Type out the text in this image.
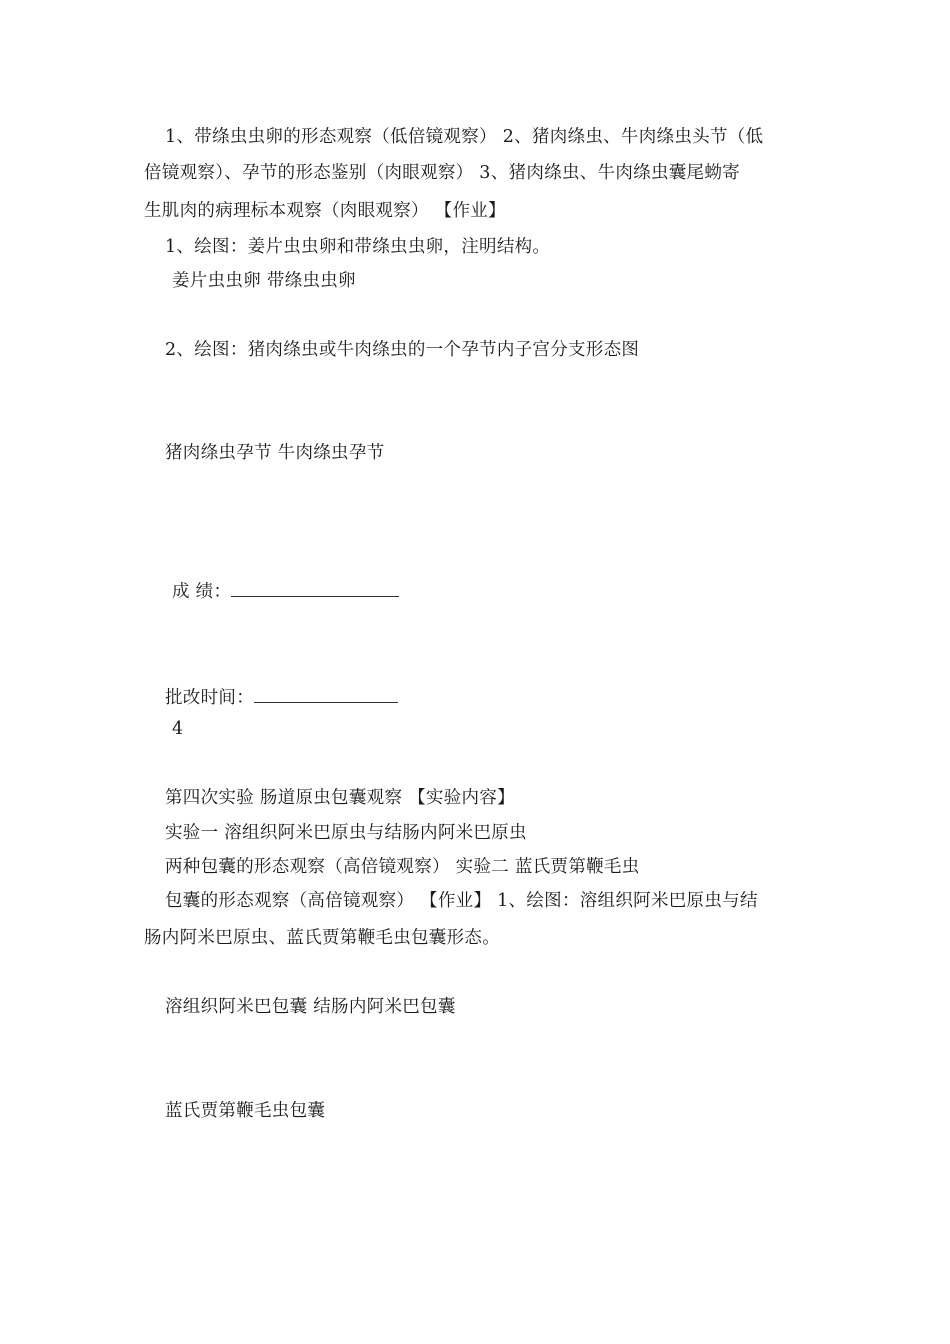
1、带绦虫虫卵的形态观察（低倍镜观察） 2、猪肉绦虫、牛肉绦虫头节（低
倍镜观察）、孕节的形态鉴别（肉眼观察） 3、猪肉绦虫、牛肉绦虫囊尾蚴寄
生肌肉的病理标本观察（肉眼观察） 【作业】
1、绘图：姜片虫虫卵和带绦虫虫卵，注明结构。
姜片虫虫卵 带绦虫虫卵
2、绘图：猪肉绦虫或牛肉绦虫的一个孕节内子宫分支形态图
猪肉绦虫孕节 牛肉绦虫孕节
成 绩：
批改时间：
4
第四次实验 肠道原虫包囊观察 【实验内容】
实验一 溶组织阿米巴原虫与结肠内阿米巴原虫
两种包囊的形态观察（高倍镜观察） 实验二 蓝氏贾第鞭毛虫
包囊的形态观察（高倍镜观察） 【作业】 1、绘图：溶组织阿米巴原虫与结
肠内阿米巴原虫、蓝氏贾第鞭毛虫包囊形态。
溶组织阿米巴包囊 结肠内阿米巴包囊
蓝氏贾第鞭毛虫包囊
